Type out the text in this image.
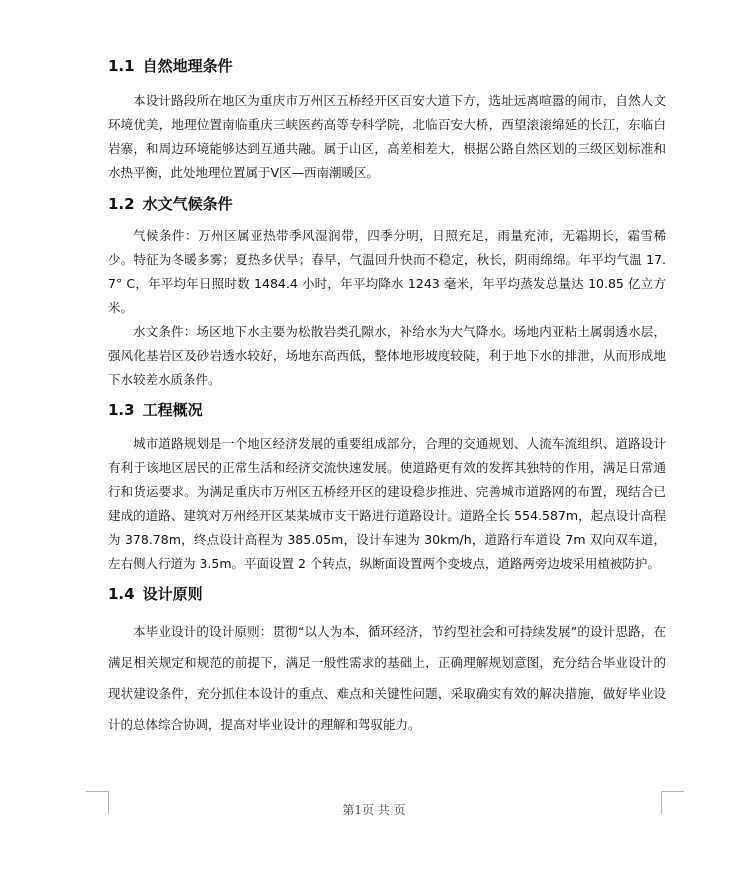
1.1 自然地理条件

本设计路段所在地区为重庆市万州区五桥经开区百安大道下方，选址远离喧嚣的闹市，自然人文环境优美，地理位置南临重庆三峡医药高等专科学院，北临百安大桥，西望滚滚绵延的长江，东临白岩寨，和周边环境能够达到互通共融。属于山区，高差相差大，根据公路自然区划的三级区划标准和水热平衡，此处地理位置属于Ⅴ区—西南潮暖区。

1.2 水文气候条件

气候条件：万州区属亚热带季风湿润带，四季分明，日照充足，雨量充沛，无霜期长，霜雪稀少。特征为冬暖多雾；夏热多伏旱；春早，气温回升快而不稳定，秋长，阴雨绵绵。年平均气温 17.7° C，年平均年日照时数 1484.4 小时，年平均降水 1243 毫米，年平均蒸发总量达 10.85 亿立方米。

水文条件：场区地下水主要为松散岩类孔隙水，补给水为大气降水。场地内亚粘土属弱透水层，强风化基岩区及砂岩透水较好，场地东高西低，整体地形坡度较陡，利于地下水的排泄，从而形成地下水较差水质条件。

1.3 工程概况

城市道路规划是一个地区经济发展的重要组成部分，合理的交通规划、人流车流组织、道路设计有利于该地区居民的正常生活和经济交流快速发展。使道路更有效的发挥其独特的作用，满足日常通行和货运要求。为满足重庆市万州区五桥经开区的建设稳步推进、完善城市道路网的布置，现结合已建成的道路、建筑对万州经开区某某城市支干路进行道路设计。道路全长 554.587m，起点设计高程为 378.78m，终点设计高程为 385.05m，设计车速为 30km/h，道路行车道设 7m 双向双车道，左右侧人行道为 3.5m。平面设置 2 个转点，纵断面设置两个变坡点，道路两旁边坡采用植被防护。

1.4 设计原则

本毕业设计的设计原则：贯彻“以人为本，循环经济，节约型社会和可持续发展”的设计思路，在满足相关规定和规范的前提下，满足一般性需求的基础上，正确理解规划意图，充分结合毕业设计的现状建设条件，充分抓住本设计的重点、难点和关键性问题，采取确实有效的解决措施，做好毕业设计的总体综合协调，提高对毕业设计的理解和驾驭能力。

第1页 共 页
